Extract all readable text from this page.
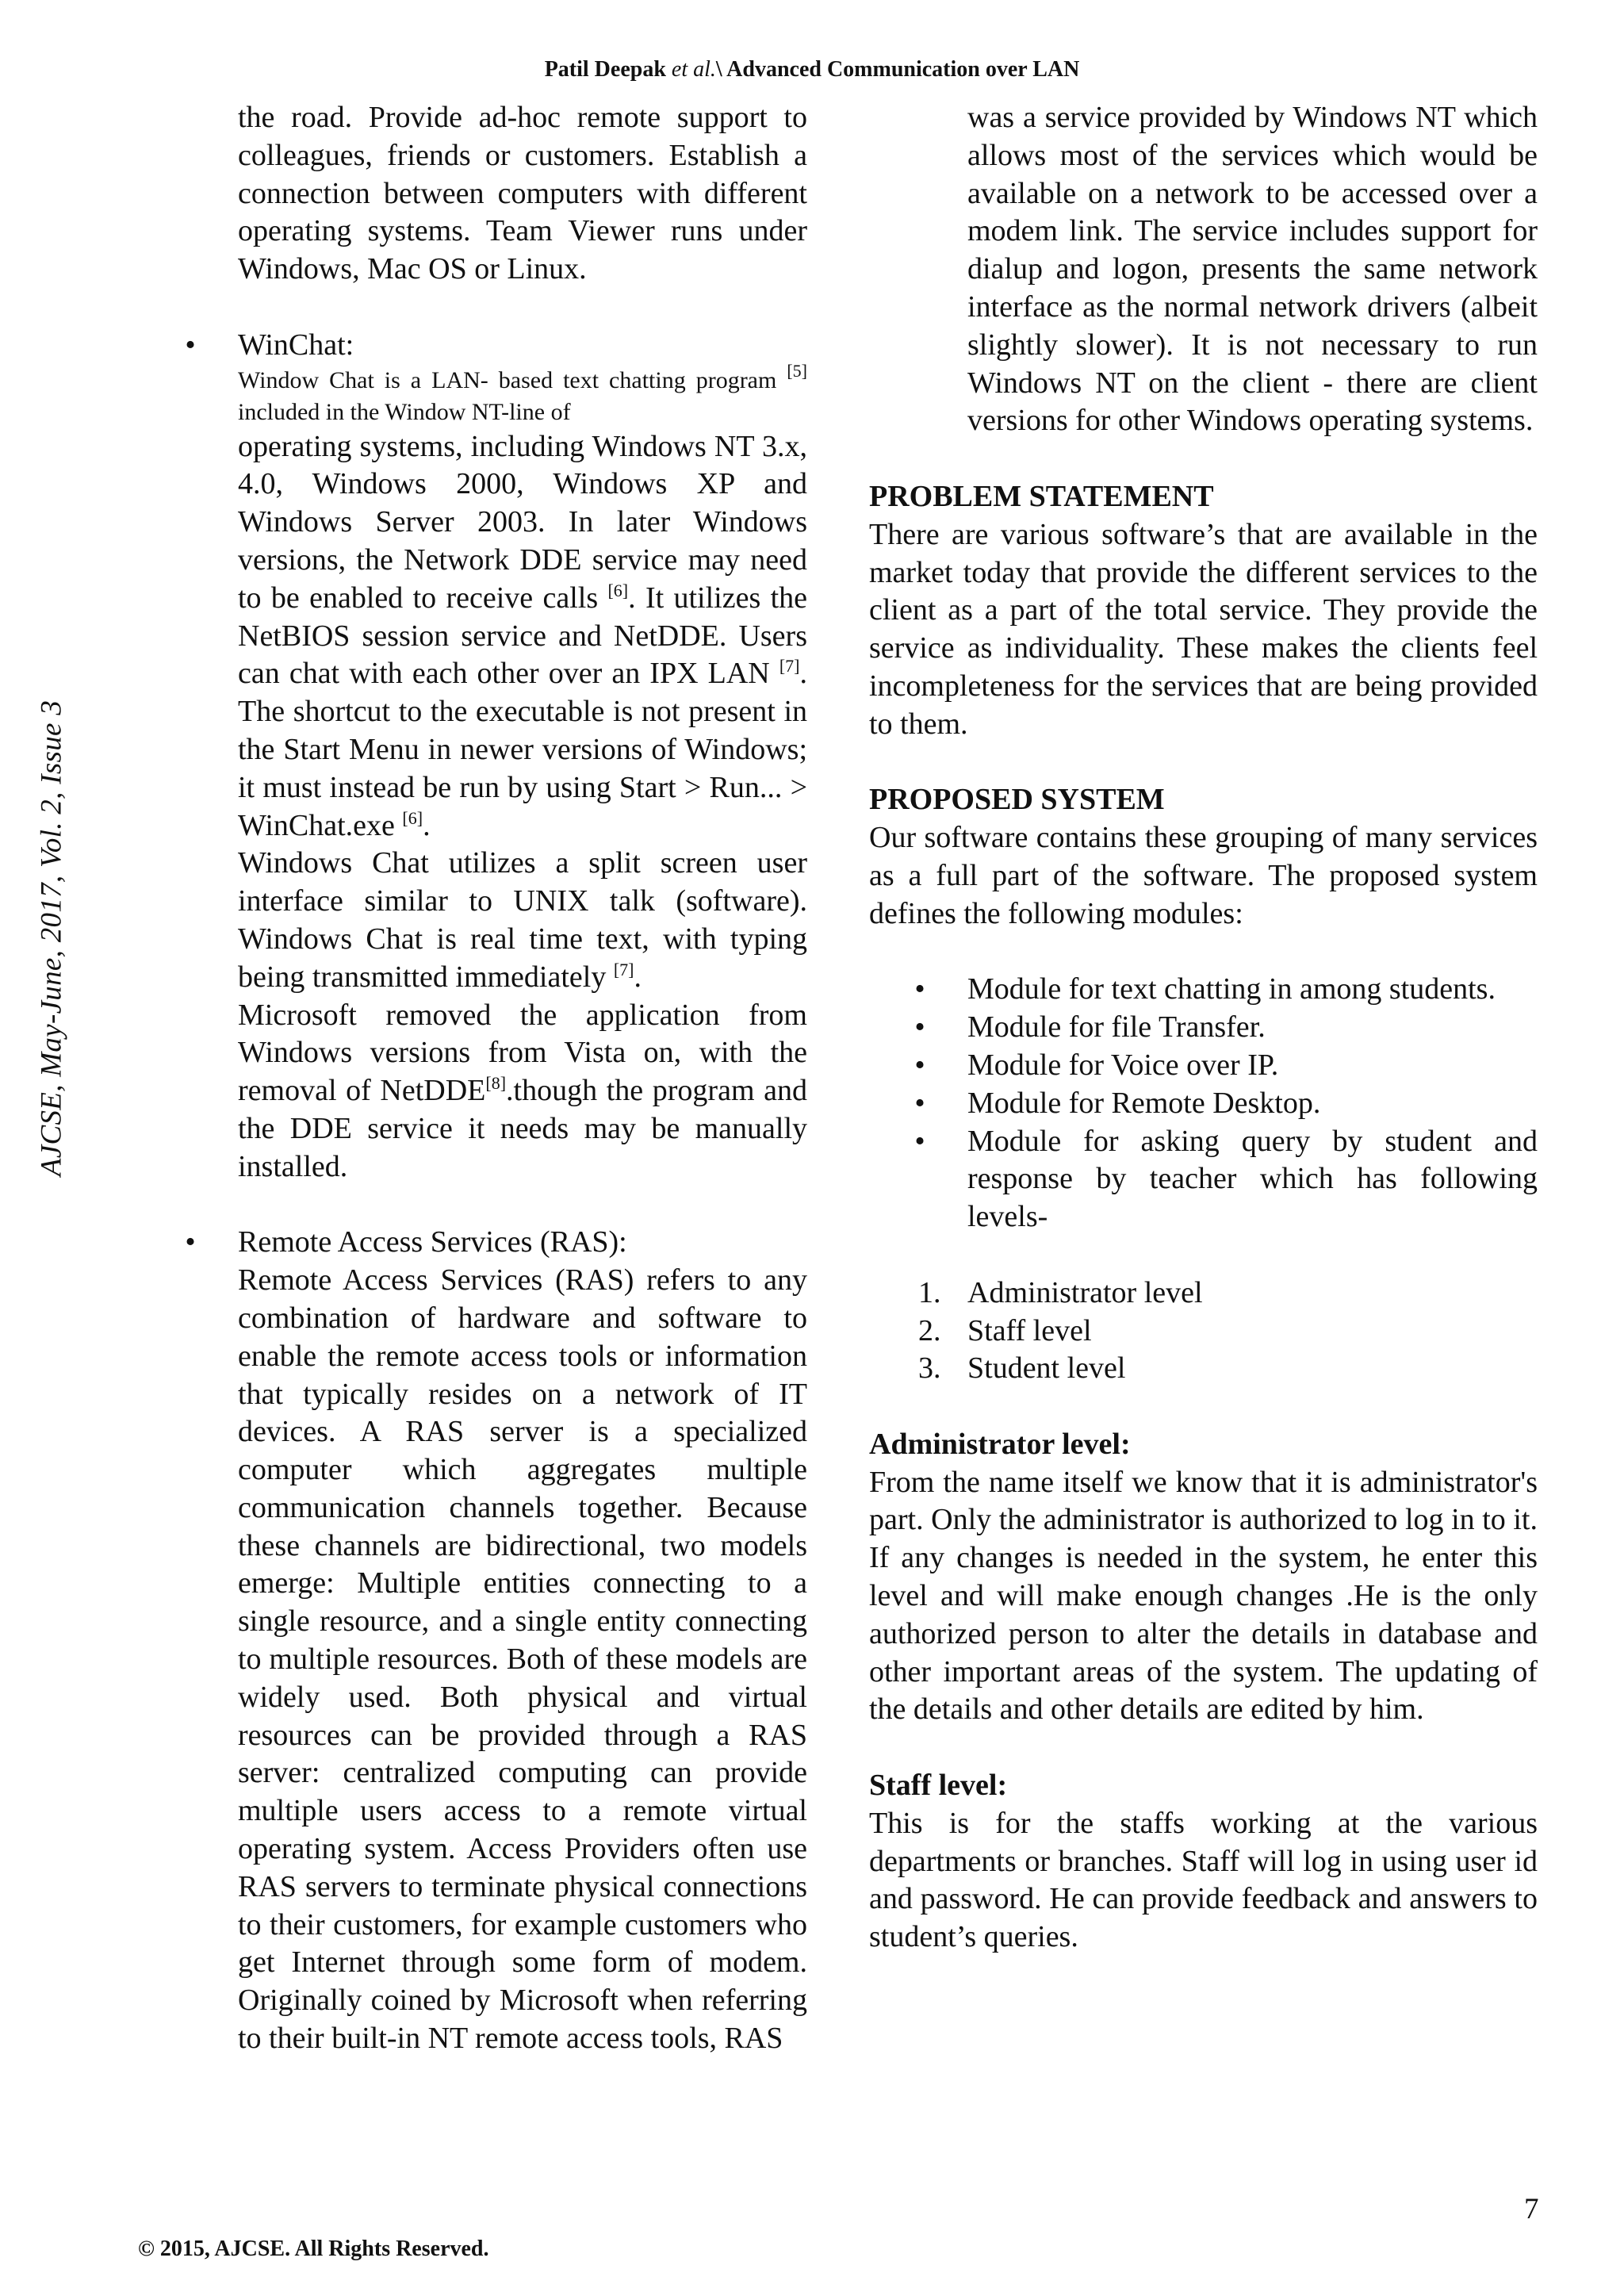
Patil Deepak et al.\ Advanced Communication over LAN
AJCSE, May-June, 2017, Vol. 2, Issue 3

the road. Provide ad-hoc remote support to colleagues, friends or customers. Establish a connection between computers with different operating systems. Team Viewer runs under Windows, Mac OS or Linux.

•

WinChat:

Window Chat is a LAN- based text chatting program [5] included in the Window NT-line of

operating systems, including Windows NT 3.x, 4.0, Windows 2000, Windows XP and Windows Server 2003. In later Windows versions, the Network DDE service may need to be enabled to receive calls [6]. It utilizes the NetBIOS session service and NetDDE. Users can chat with each other over an IPX LAN [7]. The shortcut to the executable is not present in the Start Menu in newer versions of Windows; it must instead be run by using Start > Run... > WinChat.exe [6].

Windows Chat utilizes a split screen user interface similar to UNIX talk (software). Windows Chat is real time text, with typing being transmitted immediately [7].

Microsoft removed the application from Windows versions from Vista on, with the removal of NetDDE[8].though the program and the DDE service it needs may be manually installed.

•

Remote Access Services (RAS):

Remote Access Services (RAS) refers to any combination of hardware and software to enable the remote access tools or information that typically resides on a network of IT devices. A RAS server is a specialized computer which aggregates multiple communication channels together. Because these channels are bidirectional, two models emerge: Multiple entities connecting to a single resource, and a single entity connecting to multiple resources. Both of these models are widely used. Both physical and virtual resources can be provided through a RAS server: centralized computing can provide multiple users access to a remote virtual operating system. Access Providers often use RAS servers to terminate physical connections to their customers, for example customers who get Internet through some form of modem. Originally coined by Microsoft when referring to their built-in NT remote access tools, RAS

was a service provided by Windows NT which allows most of the services which would be available on a network to be accessed over a modem link. The service includes support for dialup and logon, presents the same network interface as the normal network drivers (albeit slightly slower). It is not necessary to run Windows NT on the client - there are client versions for other Windows operating systems.

PROBLEM STATEMENT

There are various software’s that are available in the market today that provide the different services to the client as a part of the total service. They provide the service as individuality. These makes the clients feel incompleteness for the services that are being provided to them.

PROPOSED SYSTEM

Our software contains these grouping of many services as a full part of the software. The proposed system defines the following modules:

•
Module for text chatting in among students.
•
Module for file Transfer.
•
Module for Voice over IP.
•
Module for Remote Desktop.
•
Module for asking query by student and response by teacher which has following levels-
1. Administrator level
2. Staff level
3. Student level

Administrator level:

From the name itself we know that it is administrator's part. Only the administrator is authorized to log in to it. If any changes is needed in the system, he enter this level and will make enough changes .He is the only authorized person to alter the details in database and other important areas of the system. The updating of the details and other details are edited by him.

Staff level:

This is for the staffs working at the various departments or branches. Staff will log in using user id and password. He can provide feedback and answers to student’s queries.

7
© 2015, AJCSE. All Rights Reserved.
